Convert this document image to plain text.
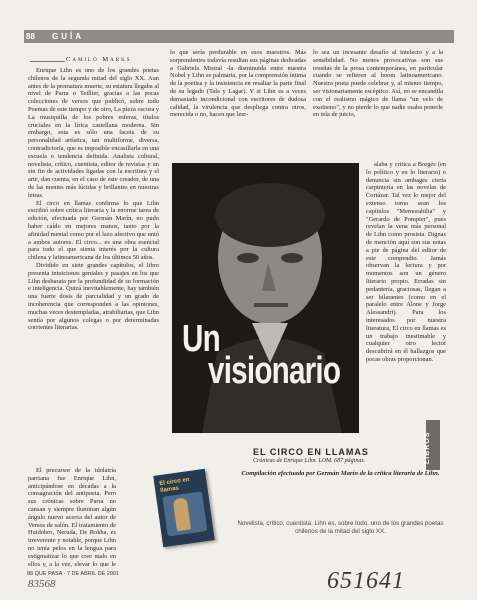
88 GUÍA
Camilo Marks

Enrique Lihn es uno de los grandes poetas chilenos de la segunda mitad del siglo XX. Aun antes de la prematura muerte, su estatura llegaba al nivel de Parra o Teillier, gracias a las pocas colecciones de versos que publicó, sobre todo Poemas de este tiempo y de otro, La pieza oscura y La musiquilla de los pobres esferas, títulos cruciales en la lírica castellana moderna. Sin embargo, esta es sólo una faceta de su personalidad artística, tan multiforme, diversa, contradictoria, que es imposible encasillarla en una escuela o tendencia definida. Analista cultural, novelista, crítico, cuentista, editor de revistas y un sin fin de actividades ligadas con la escritura y el arte, dan cuenta, en el caso de este creador, de una de las mentes más lúcidas y brillantes en nuestras letras.

El circo en llamas confirma lo que Lihn escribió sobre crítica literaria y la enorme tarea de edición, efectuada por Germán Marín, no pudo haber caído en mejores manos, tanto por la afinidad mental como por el lazo afectivo que unió a ambos autores. El circo... es una obra esencial para todo el que sienta interés por la cultura chilena y latinoamericana de los últimos 50 años.

Dividido en siete grandes capítulos, el libro presenta intuiciones geniales y pasajes en los que Lihn desbarata por la profundidad de su formación e inteligencia. Quizá inevitablemente, hay también una fuerte dosis de parcialidad y un grado de incoherencia que corresponden a las opiniones, muchas veces destempladas, atrabiliarias, que Lihn sentía por algunos colegas o por determinadas corrientes literarias.

El precursor de la idolatría parriana fue Enrique Lihn, anticipándose en décadas a la consagración del antipoeta. Pero sus crónicas sobre Parra no cansan y siempre iluminan algún ángulo nuevo acerca del autor de Versos de salón. El tratamiento de Huidobro, Neruda, De Rokha, es irreverente y notable, porque Lihn no tenía pelos en la lengua para estigmatizar lo que cree malo en ellos y, a la vez, elevar lo que le

lo que sería perdurable en esos maestros. Más sorprendentes todavía resultan sus páginas dedicadas a Gabriela Mistral -la disminuida entre nuestra Nobel y Lihn es palmaria, por la comprensión íntima de la poetisa y la insistencia en resaltar la parte final de su legado (Tala y Lagar). Y si Lihn es a veces demasiado incondicional con escritores de dudosa calidad, la virulencia que despliega contra otros, merecida o no, hacen que leer-

lo sea un incesante desafío al intelecto y a la sensibilidad. No menos provocativas son sus reseñas de la prosa contemporánea, en particular cuando se refieren al boom latinoamericano. Nuestra poeta puede celebrar y, al mismo tiempo, ser visionariamente escéptico. Así, no se encandila con el realismo mágico de llama "un velo de exotismo", y no pierde lo que nadie osaba ponerle en tela de juicio,

alaba y critica a Borges (en lo político y en lo literario) o denuncia sin ambages cierta carpintería en las novelas de Cortázar. Tal vez lo mejor del extenso tomo sean los capítulos "Memorabilia" y "Gerardo de Pompier", pues revelan la vena más personal de Lihn como prosista. Dignas de mención aquí son sus notas a pie de página del editor de este compendio. Jamás observan la lectura y por momentos son un género literario propio. Erradas sin pedantería, graciosas, llegan a ser hilarantes (como en el paralelo entre Alone y Jorge Alessandri). Para los interesados por nuestra literatura, El circo en llamas es un trabajo inestimable y cualquier otro lector descubrirá en él hallazgos que pocas obras proporcionan.

Un
visionario
El circo en llamas
EL CIRCO EN LLAMAS
Crónicas de Enrique Lihn. LOM. 687 páginas.
Compilación efectuada por Germán Marín de la crítica literaria de Lihn.
Novelista, crítico, cuentista. Lihn es, sobre todo, uno de los grandes poetas chilenos de la mitad del siglo XX.
LIBROS
88 QUE PASA · 7 DE ABRIL DE 2001
83568	651641
